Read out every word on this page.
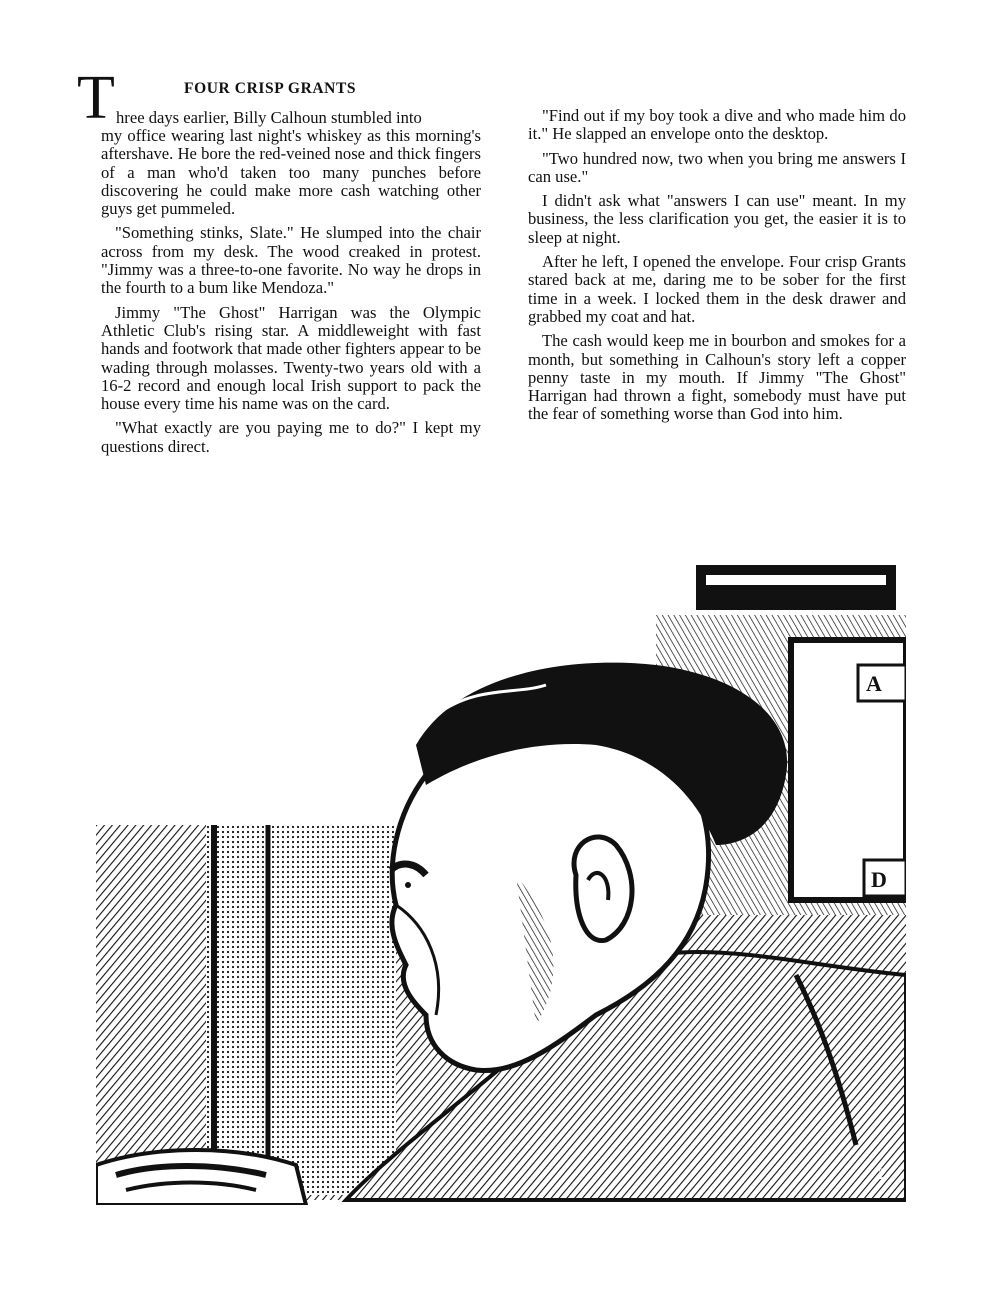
T	FOUR CRISP GRANTS

hree days earlier, Billy Calhoun stumbled into

my office wearing last night's whiskey as this morning's aftershave. He bore the red-veined nose and thick fingers of a man who'd taken too many punches before discovering he could make more cash watching other guys get pummeled.

"Something stinks, Slate." He slumped into the chair across from my desk. The wood creaked in protest. "Jimmy was a three-to-one favorite. No way he drops in the fourth to a bum like Mendoza."

Jimmy "The Ghost" Harrigan was the Olympic Athletic Club's rising star. A middleweight with fast hands and footwork that made other fighters appear to be wading through molasses. Twenty-two years old with a 16-2 record and enough local Irish support to pack the house every time his name was on the card.

"What exactly are you paying me to do?" I kept my questions direct.

"Find out if my boy took a dive and who made him do it." He slapped an envelope onto the desktop.

"Two hundred now, two when you bring me answers I can use."

I didn't ask what "answers I can use" meant. In my business, the less clarification you get, the easier it is to sleep at night.

After he left, I opened the envelope. Four crisp Grants stared back at me, daring me to be sober for the first time in a week. I locked them in the desk drawer and grabbed my coat and hat.

The cash would keep me in bourbon and smokes for a month, but something in Calhoun's story left a copper penny taste in my mouth. If Jimmy "The Ghost" Harrigan had thrown a fight, somebody must have put the fear of something worse than God into him.

A
D
2
